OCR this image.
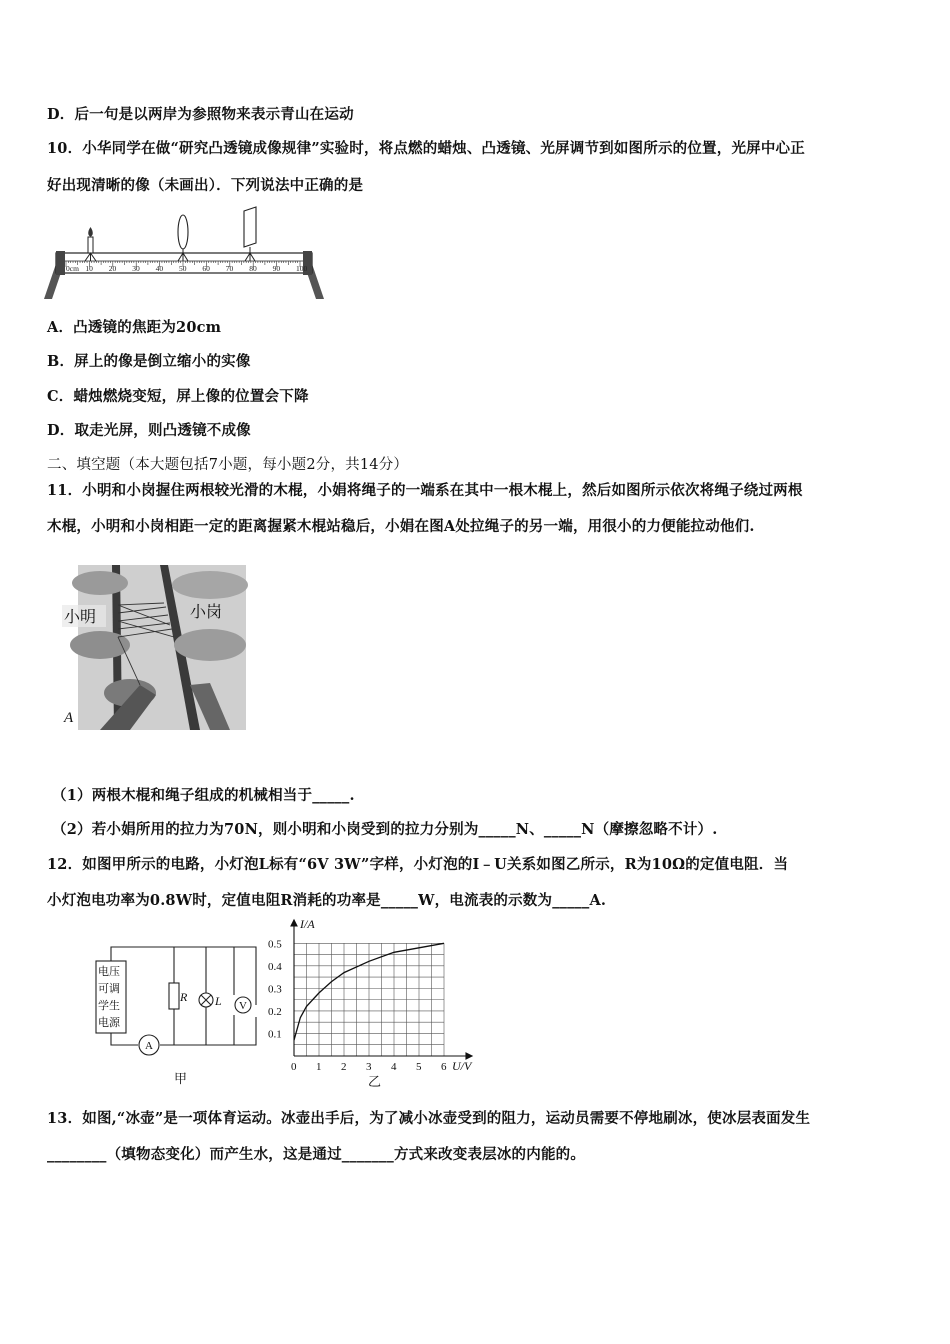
D．后一句是以两岸为参照物来表示青山在运动
10．小华同学在做“研究凸透镜成像规律”实验时，将点燃的蜡烛、凸透镜、光屏调节到如图所示的位置，光屏中心正
好出现清晰的像（未画出）．下列说法中正确的是
0cm 10 20 30 40 50 60 70 80 90 100
A．凸透镜的焦距为20cm
B．屏上的像是倒立缩小的实像
C．蜡烛燃烧变短，屏上像的位置会下降
D．取走光屏，则凸透镜不成像
二、填空题（本大题包括7小题，每小题2分，共14分）
11．小明和小岗握住两根较光滑的木棍，小娟将绳子的一端系在其中一根木棍上，然后如图所示依次将绳子绕过两根
木棍，小明和小岗相距一定的距离握紧木棍站稳后，小娟在图A处拉绳子的另一端，用很小的力便能拉动他们.
小明	小岗
A
（1）两根木棍和绳子组成的机械相当于_____.
（2）若小娟所用的拉力为70N，则小明和小岗受到的拉力分别为_____N、_____N（摩擦忽略不计）.
12．如图甲所示的电路，小灯泡L标有“6V 3W”字样，小灯泡的I﹣U关系如图乙所示，R为10Ω的定值电阻．当
小灯泡电功率为0.8W时，定值电阻R消耗的功率是_____W，电流表的示数为_____A.
电压
可调
学生
电源
R L V
A
甲
0 1 2 3 4 5 6
0.1
0.2
0.3
0.4
0.5
I/A
U/V
乙
13．如图,“冰壶”是一项体育运动。冰壶出手后，为了减小冰壶受到的阻力，运动员需要不停地刷冰，使冰层表面发生
________（填物态变化）而产生水，这是通过_______方式来改变表层冰的内能的。
